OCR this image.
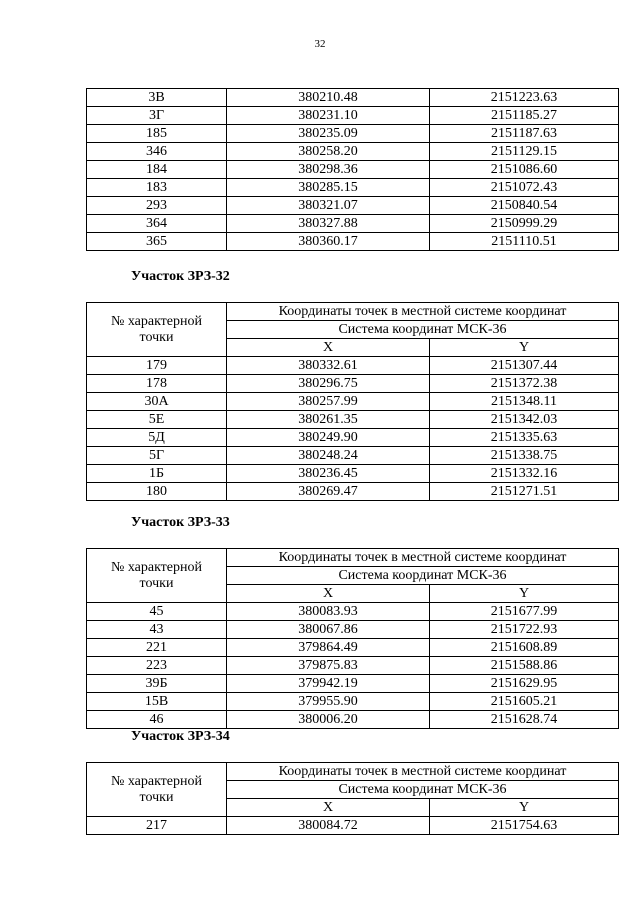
32
3В	380210.48	2151223.63
3Г	380231.10	2151185.27
185	380235.09	2151187.63
346	380258.20	2151129.15
184	380298.36	2151086.60
183	380285.15	2151072.43
293	380321.07	2150840.54
364	380327.88	2150999.29
365	380360.17	2151110.51
Участок ЗРЗ-32
№ характерной
точки	Координаты точек в местной системе координат	
	Система координат МСК-36	
	X	Y
179	380332.61	2151307.44
178	380296.75	2151372.38
30А	380257.99	2151348.11
5Е	380261.35	2151342.03
5Д	380249.90	2151335.63
5Г	380248.24	2151338.75
1Б	380236.45	2151332.16
180	380269.47	2151271.51
Участок ЗРЗ-33
№ характерной
точки	Координаты точек в местной системе координат	
	Система координат МСК-36	
	X	Y
45	380083.93	2151677.99
43	380067.86	2151722.93
221	379864.49	2151608.89
223	379875.83	2151588.86
39Б	379942.19	2151629.95
15В	379955.90	2151605.21
46	380006.20	2151628.74
Участок ЗРЗ-34
№ характерной
точки	Координаты точек в местной системе координат	
	Система координат МСК-36	
	X	Y
217	380084.72	2151754.63
